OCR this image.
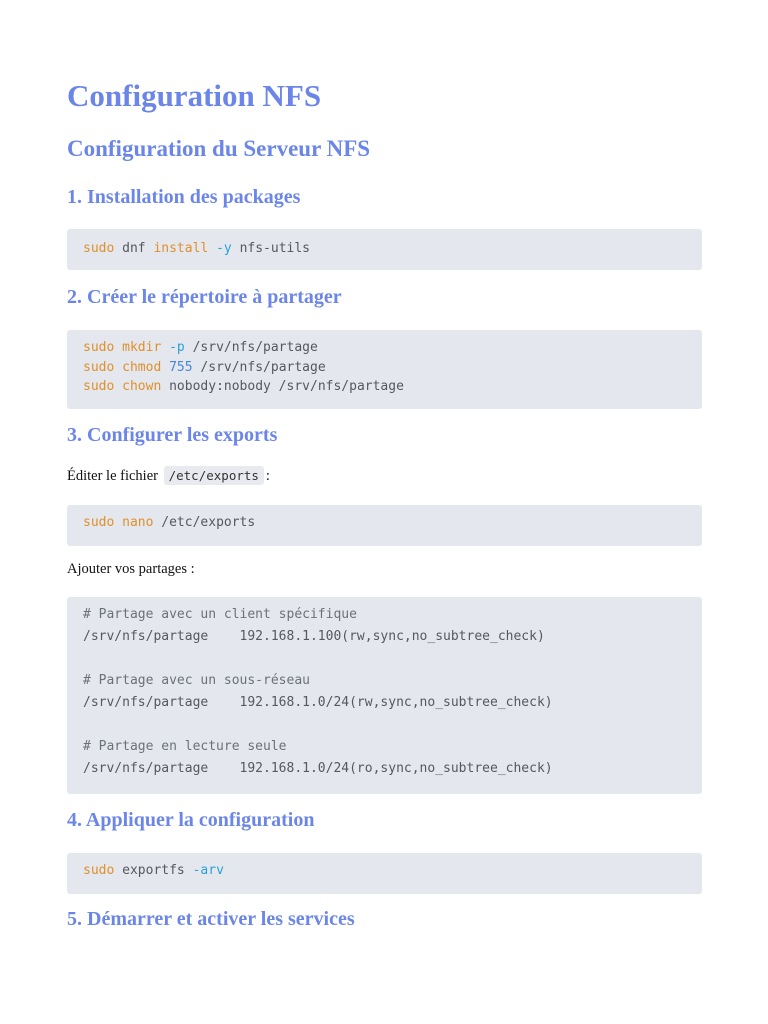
Configuration NFS
Configuration du Serveur NFS
1. Installation des packages
sudo dnf install -y nfs-utils
2. Créer le répertoire à partager
sudo mkdir -p /srv/nfs/partage
sudo chmod 755 /srv/nfs/partage
sudo chown nobody:nobody /srv/nfs/partage
3. Configurer les exports

Éditer le fichier /etc/exports :

sudo nano /etc/exports

Ajouter vos partages :

# Partage avec un client spécifique
/srv/nfs/partage    192.168.1.100(rw,sync,no_subtree_check)
# Partage avec un sous-réseau
/srv/nfs/partage    192.168.1.0/24(rw,sync,no_subtree_check)
# Partage en lecture seule
/srv/nfs/partage    192.168.1.0/24(ro,sync,no_subtree_check)
4. Appliquer la configuration
sudo exportfs -arv
5. Démarrer et activer les services
